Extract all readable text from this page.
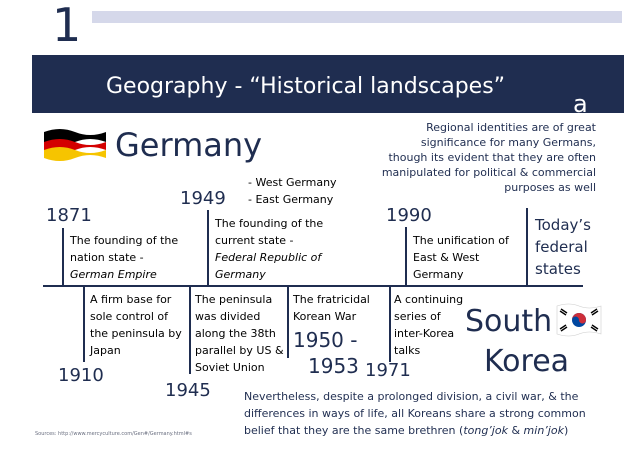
1
Geography - “Historical landscapes”
a
Germany	Regional identities are of great significance for many Germans, though its evident that they are often manipulated for political & commercial purposes as well
1871
1949
1990
1910
1945
1950 -
1953 1971
- West Germany
- East Germany
The founding of the nation state -
German Empire
The founding of the current state -
Federal Republic of Germany
The unification of East & West Germany
Today’s federal states
A firm base for sole control of the peninsula by Japan
The peninsula was divided along the 38th parallel by US & Soviet Union
The fratricidal Korean War
A continuing series of inter-Korea talks
South
Korea
Nevertheless, despite a prolonged division, a civil war, & the differences in ways of life, all Koreans share a strong common belief that they are the same brethren (tong’jok & min’jok)
Sources: http://www.mercyculture.com/Gen#/Germany.html#s
